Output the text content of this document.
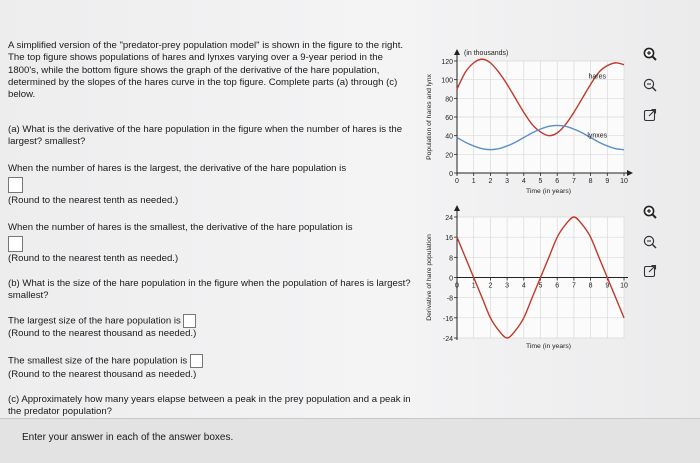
A simplified version of the "predator-prey population model" is shown in the figure to the right. The top figure shows populations of hares and lynxes varying over a 9-year period in the 1800's, while the bottom figure shows the graph of the derivative of the hare population, determined by the slopes of the hares curve in the top figure. Complete parts (a) through (c) below.

(a) What is the derivative of the hare population in the figure when the number of hares is the largest? smallest?

When the number of hares is the largest, the derivative of the hare population is

(Round to the nearest tenth as needed.)

When the number of hares is the smallest, the derivative of the hare population is

(Round to the nearest tenth as needed.)

(b) What is the size of the hare population in the figure when the population of hares is largest? smallest?

The largest size of the hare population is

(Round to the nearest thousand as needed.)

The smallest size of the hare population is

(Round to the nearest thousand as needed.)

(c) Approximately how many years elapse between a peak in the prey population and a peak in the predator population?

0
20
40
60
80
100
120
0 1 2 3 4 5 6 7 8 9 10
Population of hares and lynx
Time (in years)
(in thousands)
hares
lynxes
-24
-16
-8
0
8
16
24
0 1 2 3 4 5 6 7 8 9 10
Derivative of hare population
Time (in years)
Enter your answer in each of the answer boxes.
